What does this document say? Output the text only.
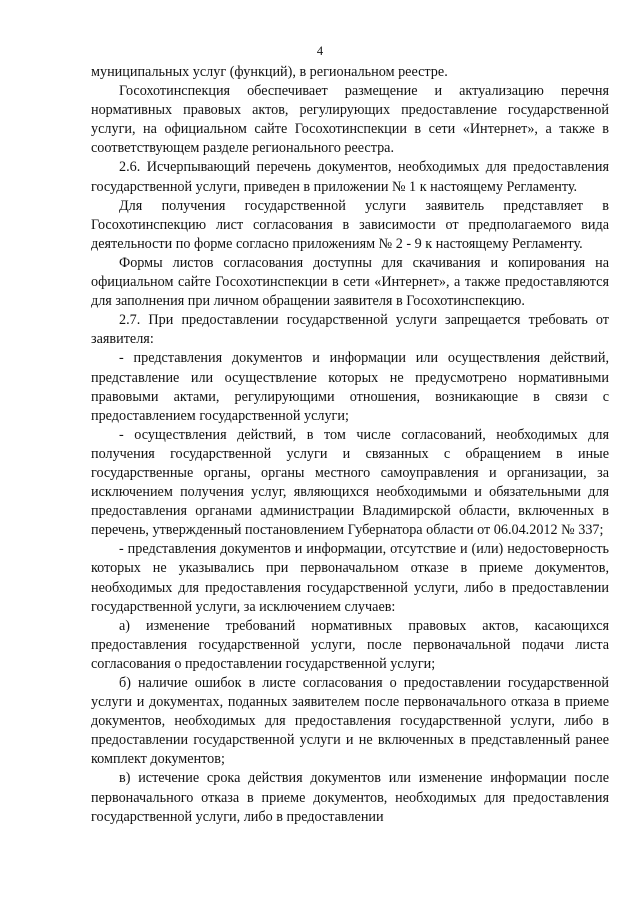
4

муниципальных услуг (функций), в региональном реестре.

Госохотинспекция обеспечивает размещение и актуализацию перечня нормативных правовых актов, регулирующих предоставление государственной услуги, на официальном сайте Госохотинспекции в сети «Интернет», а также в соответствующем разделе регионального реестра.

2.6. Исчерпывающий перечень документов, необходимых для предоставления государственной услуги, приведен в приложении № 1 к настоящему Регламенту.

Для получения государственной услуги заявитель представляет в Госохотинспекцию лист согласования в зависимости от предполагаемого вида деятельности по форме согласно приложениям № 2 - 9 к настоящему Регламенту.

Формы листов согласования доступны для скачивания и копирования на официальном сайте Госохотинспекции в сети «Интернет», а также предоставляются для заполнения при личном обращении заявителя в Госохотинспекцию.

2.7. При предоставлении государственной услуги запрещается требовать от заявителя:

- представления документов и информации или осуществления действий, представление или осуществление которых не предусмотрено нормативными правовыми актами, регулирующими отношения, возникающие в связи с предоставлением государственной услуги;

- осуществления действий, в том числе согласований, необходимых для получения государственной услуги и связанных с обращением в иные государственные органы, органы местного самоуправления и организации, за исключением получения услуг, являющихся необходимыми и обязательными для предоставления органами администрации Владимирской области, включенных в перечень, утвержденный постановлением Губернатора области от 06.04.2012 № 337;

- представления документов и информации, отсутствие и (или) недостоверность которых не указывались при первоначальном отказе в приеме документов, необходимых для предоставления государственной услуги, либо в предоставлении государственной услуги, за исключением случаев:

а) изменение требований нормативных правовых актов, касающихся предоставления государственной услуги, после первоначальной подачи листа согласования о предоставлении государственной услуги;

б) наличие ошибок в листе согласования о предоставлении государственной услуги и документах, поданных заявителем после первоначального отказа в приеме документов, необходимых для предоставления государственной услуги, либо в предоставлении государственной услуги и не включенных в представленный ранее комплект документов;

в) истечение срока действия документов или изменение информации после первоначального отказа в приеме документов, необходимых для предоставления государственной услуги, либо в предоставлении
